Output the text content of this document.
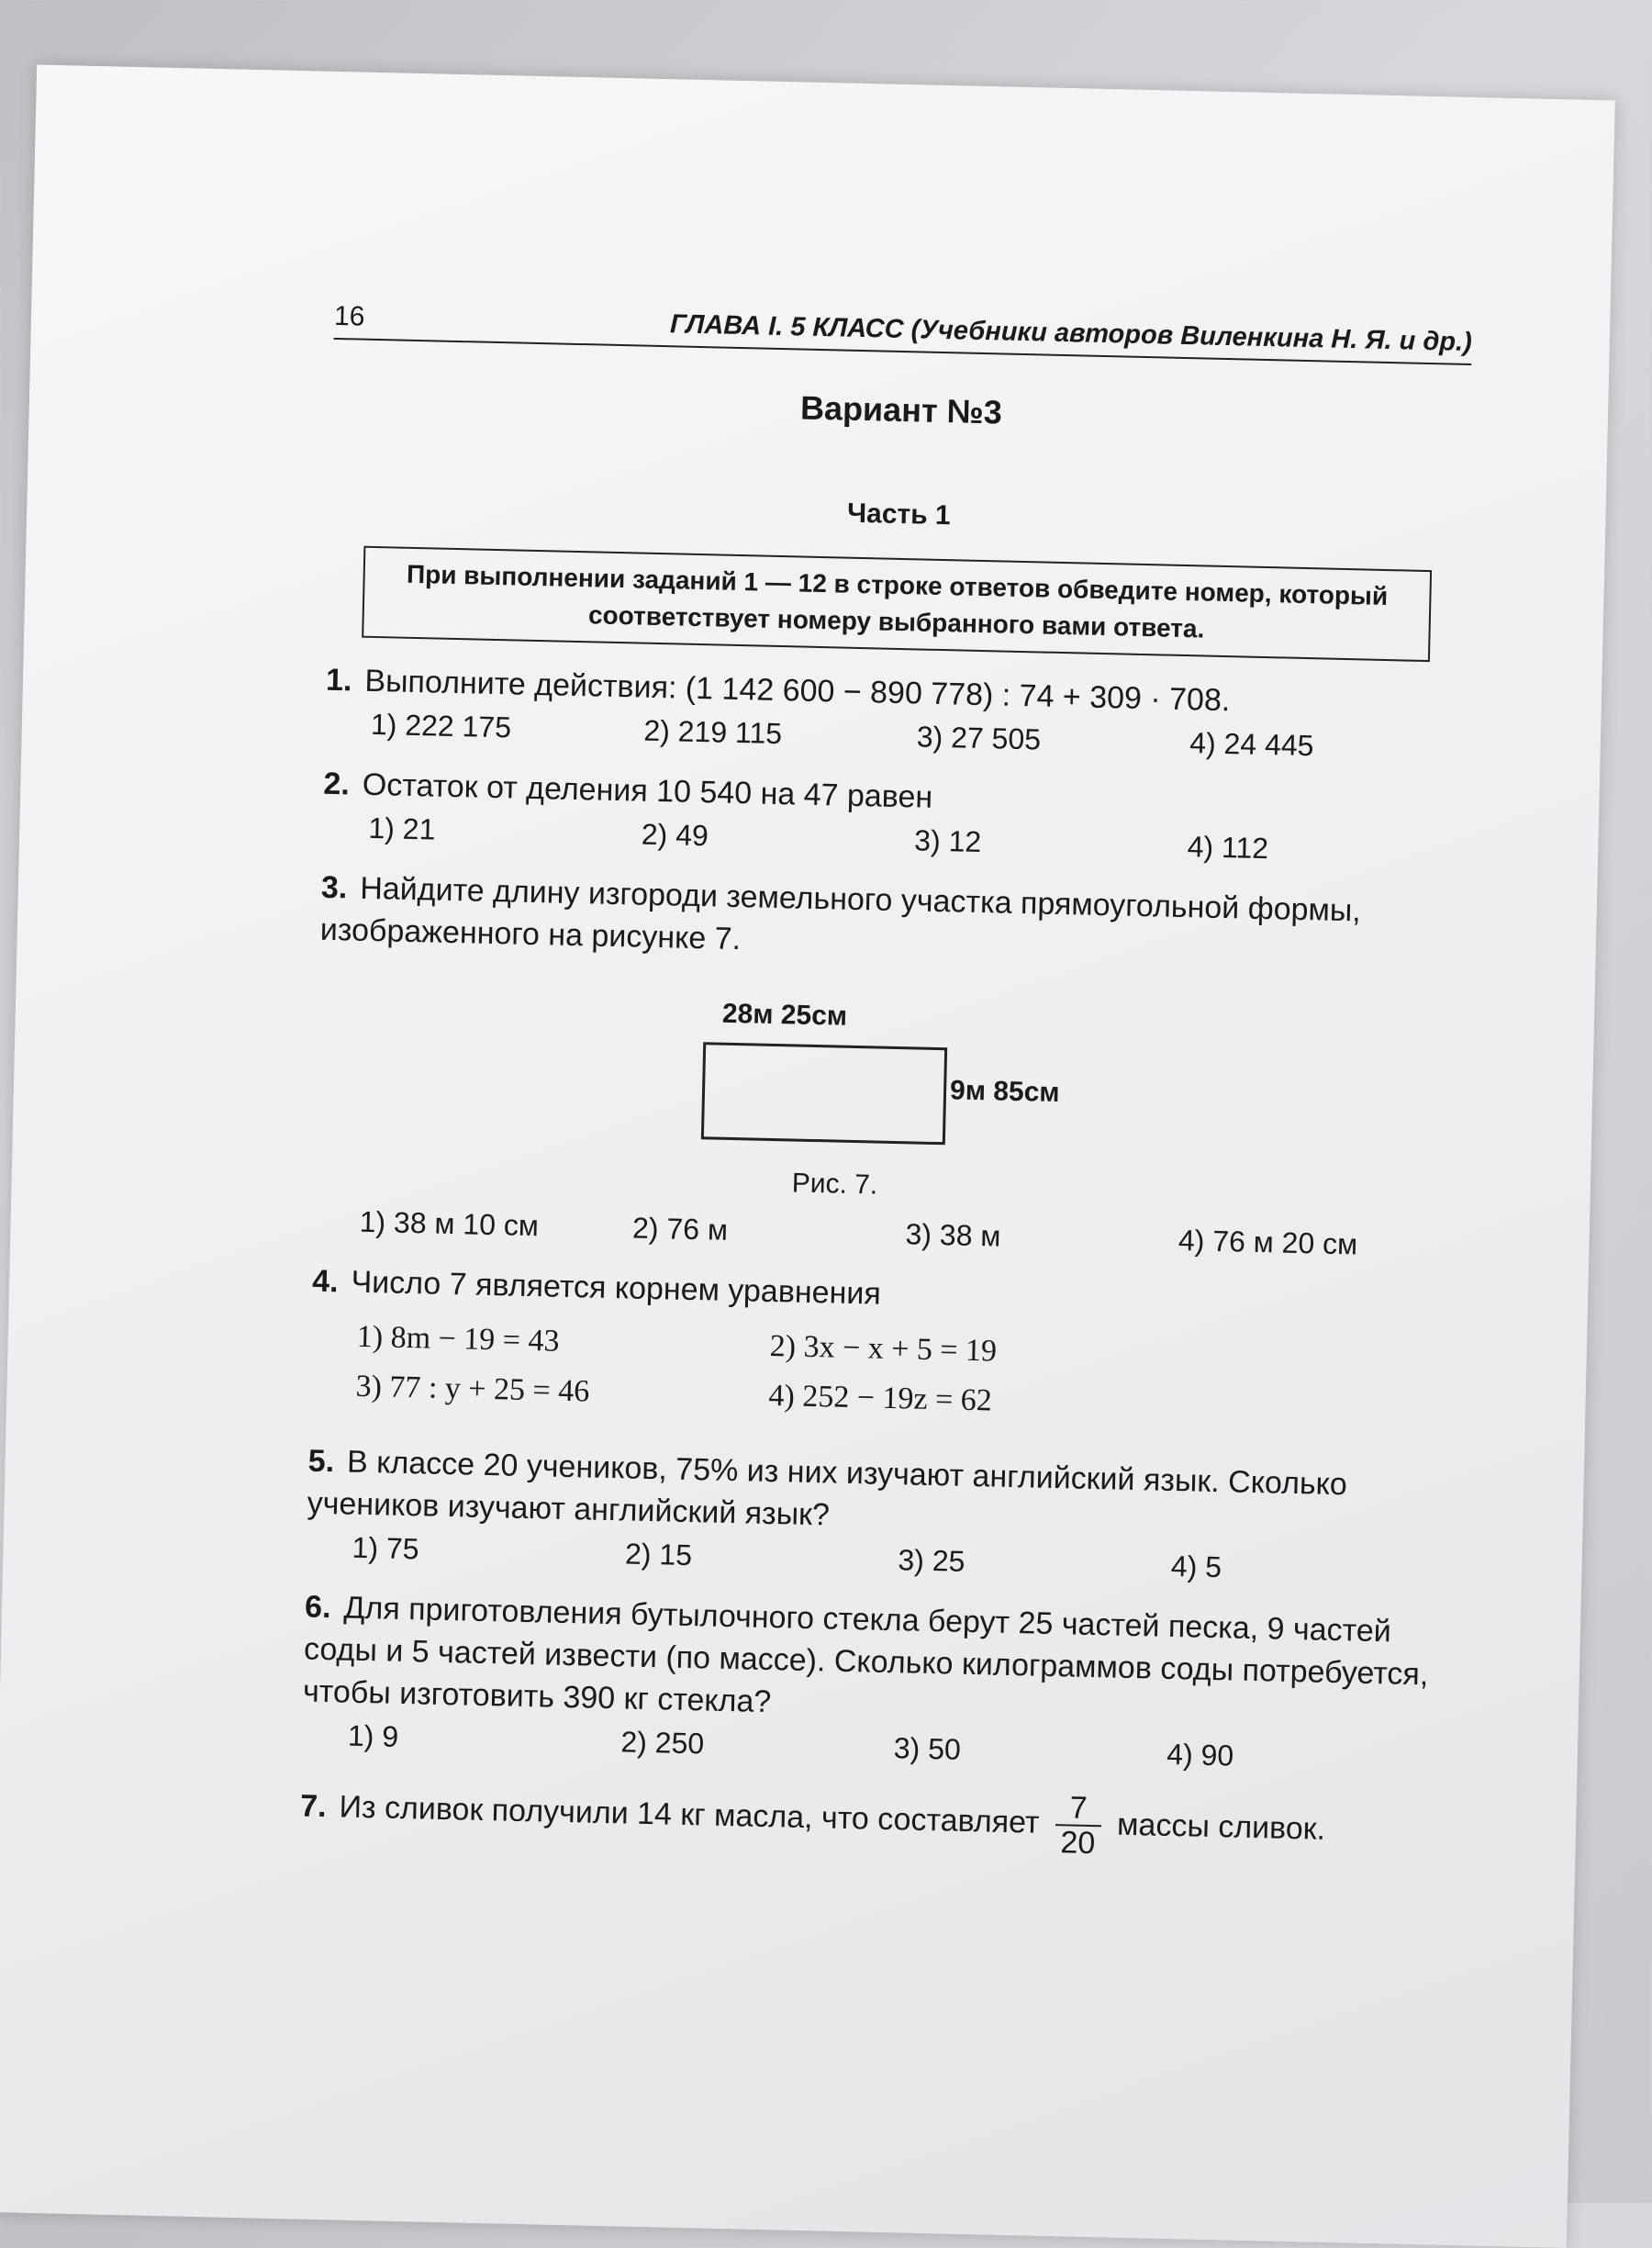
16	ГЛАВА I. 5 КЛАСС (Учебники авторов Виленкина Н. Я. и др.)
Вариант №3
Часть 1
При выполнении заданий 1 — 12 в строке ответов обведите номер, который соответствует номеру выбранного вами ответа.
1. Выполните действия: (1 142 600 − 890 778) : 74 + 309 · 708.
1) 222 175	2) 219 115	3) 27 505	4) 24 445
2. Остаток от деления 10 540 на 47 равен
1) 21	2) 49	3) 12	4) 112
3. Найдите длину изгороди земельного участка прямоугольной формы, изображенного на рисунке 7.
28м 25см
9м 85см
Рис. 7.
1) 38 м 10 см	2) 76 м	3) 38 м	4) 76 м 20 см
4. Число 7 является корнем уравнения
1) 8m − 19 = 43	2) 3x − x + 5 = 19
3) 77 : y + 25 = 46	4) 252 − 19z = 62
5. В классе 20 учеников, 75% из них изучают английский язык. Сколько учеников изучают английский язык?
1) 75	2) 15	3) 25	4) 5
6. Для приготовления бутылочного стекла берут 25 частей песка, 9 частей соды и 5 частей извести (по массе). Сколько килограммов соды потребуется, чтобы изготовить 390 кг стекла?
1) 9	2) 250	3) 50	4) 90
7. Из сливок получили 14 кг масла, что составляет $\frac{7}{20}$ массы сливок.
